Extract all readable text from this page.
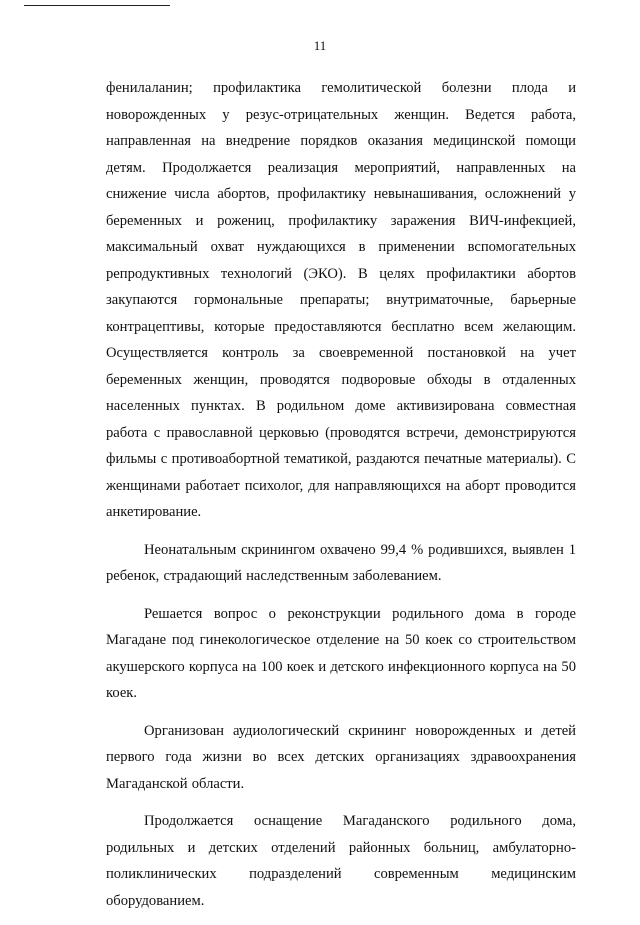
11

фенилаланин; профилактика гемолитической болезни плода и новорожденных у резус-отрицательных женщин. Ведется работа, направленная на внедрение порядков оказания медицинской помощи детям. Продолжается реализация мероприятий, направленных на снижение числа абортов, профилактику невынашивания, осложнений у беременных и рожениц, профилактику заражения ВИЧ-инфекцией, максимальный охват нуждающихся в применении вспомогательных репродуктивных технологий (ЭКО). В целях профилактики абортов закупаются гормональные препараты; внутриматочные, барьерные контрацептивы, которые предоставляются бесплатно всем желающим. Осуществляется контроль за своевременной постановкой на учет беременных женщин, проводятся подворовые обходы в отдаленных населенных пунктах. В родильном доме активизирована совместная работа с православной церковью (проводятся встречи, демонстрируются фильмы с противоабортной тематикой, раздаются печатные материалы). С женщинами работает психолог, для направляющихся на аборт проводится анкетирование.

Неонатальным скринингом охвачено 99,4 % родившихся, выявлен 1 ребенок, страдающий наследственным заболеванием.

Решается вопрос о реконструкции родильного дома в городе Магадане под гинекологическое отделение на 50 коек со строительством акушерского корпуса на 100 коек и детского инфекционного корпуса на 50 коек.

Организован аудиологический скрининг новорожденных и детей первого года жизни во всех детских организациях здравоохранения Магаданской области.

Продолжается оснащение Магаданского родильного дома, родильных и детских отделений районных больниц, амбулаторно-поликлинических подразделений современным медицинским оборудованием.
